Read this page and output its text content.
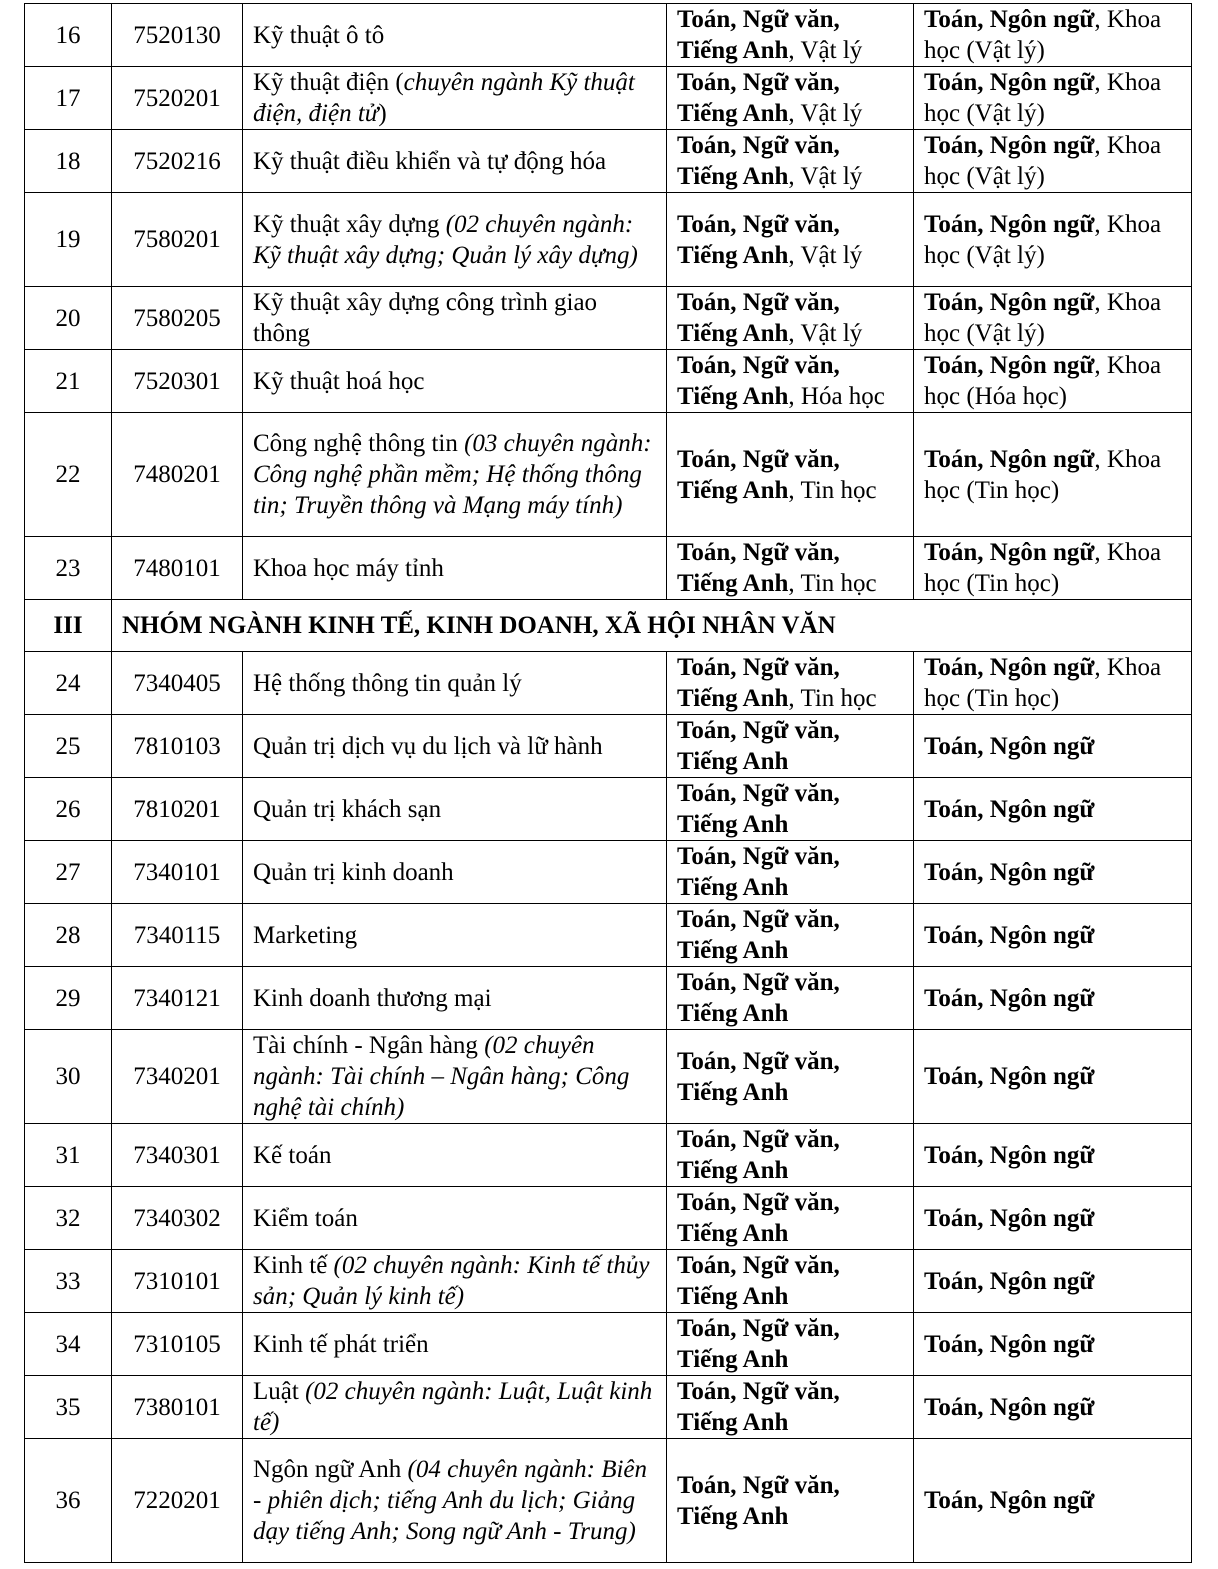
16	7520130	Kỹ thuật ô tô	Toán, Ngữ văn, Tiếng Anh, Vật lý	Toán, Ngôn ngữ, Khoa học (Vật lý)
17	7520201	Kỹ thuật điện (chuyên ngành Kỹ thuật điện, điện tử)	Toán, Ngữ văn, Tiếng Anh, Vật lý	Toán, Ngôn ngữ, Khoa học (Vật lý)
18	7520216	Kỹ thuật điều khiển và tự động hóa	Toán, Ngữ văn, Tiếng Anh, Vật lý	Toán, Ngôn ngữ, Khoa học (Vật lý)
19	7580201	Kỹ thuật xây dựng (02 chuyên ngành: Kỹ thuật xây dựng; Quản lý xây dựng)	Toán, Ngữ văn, Tiếng Anh, Vật lý	Toán, Ngôn ngữ, Khoa học (Vật lý)
20	7580205	Kỹ thuật xây dựng công trình giao thông	Toán, Ngữ văn, Tiếng Anh, Vật lý	Toán, Ngôn ngữ, Khoa học (Vật lý)
21	7520301	Kỹ thuật hoá học	Toán, Ngữ văn, Tiếng Anh, Hóa học	Toán, Ngôn ngữ, Khoa học (Hóa học)
22	7480201	Công nghệ thông tin (03 chuyên ngành: Công nghệ phần mềm; Hệ thống thông tin; Truyền thông và Mạng máy tính)	Toán, Ngữ văn, Tiếng Anh, Tin học	Toán, Ngôn ngữ, Khoa học (Tin học)
23	7480101	Khoa học máy tỉnh	Toán, Ngữ văn, Tiếng Anh, Tin học	Toán, Ngôn ngữ, Khoa học (Tin học)
III	NHÓM NGÀNH KINH TẾ, KINH DOANH, XÃ HỘI NHÂN VĂN			
24	7340405	Hệ thống thông tin quản lý	Toán, Ngữ văn, Tiếng Anh, Tin học	Toán, Ngôn ngữ, Khoa học (Tin học)
25	7810103	Quản trị dịch vụ du lịch và lữ hành	Toán, Ngữ văn, Tiếng Anh	Toán, Ngôn ngữ
26	7810201	Quản trị khách sạn	Toán, Ngữ văn, Tiếng Anh	Toán, Ngôn ngữ
27	7340101	Quản trị kinh doanh	Toán, Ngữ văn, Tiếng Anh	Toán, Ngôn ngữ
28	7340115	Marketing	Toán, Ngữ văn, Tiếng Anh	Toán, Ngôn ngữ
29	7340121	Kinh doanh thương mại	Toán, Ngữ văn, Tiếng Anh	Toán, Ngôn ngữ
30	7340201	Tài chính - Ngân hàng (02 chuyên ngành: Tài chính – Ngân hàng; Công nghệ tài chính)	Toán, Ngữ văn, Tiếng Anh	Toán, Ngôn ngữ
31	7340301	Kế toán	Toán, Ngữ văn, Tiếng Anh	Toán, Ngôn ngữ
32	7340302	Kiểm toán	Toán, Ngữ văn, Tiếng Anh	Toán, Ngôn ngữ
33	7310101	Kinh tế (02 chuyên ngành: Kinh tế thủy sản; Quản lý kinh tế)	Toán, Ngữ văn, Tiếng Anh	Toán, Ngôn ngữ
34	7310105	Kinh tế phát triển	Toán, Ngữ văn, Tiếng Anh	Toán, Ngôn ngữ
35	7380101	Luật (02 chuyên ngành: Luật, Luật kinh tế)	Toán, Ngữ văn, Tiếng Anh	Toán, Ngôn ngữ
36	7220201	Ngôn ngữ Anh (04 chuyên ngành: Biên - phiên dịch; tiếng Anh du lịch; Giảng dạy tiếng Anh; Song ngữ Anh - Trung)	Toán, Ngữ văn, Tiếng Anh	Toán, Ngôn ngữ
